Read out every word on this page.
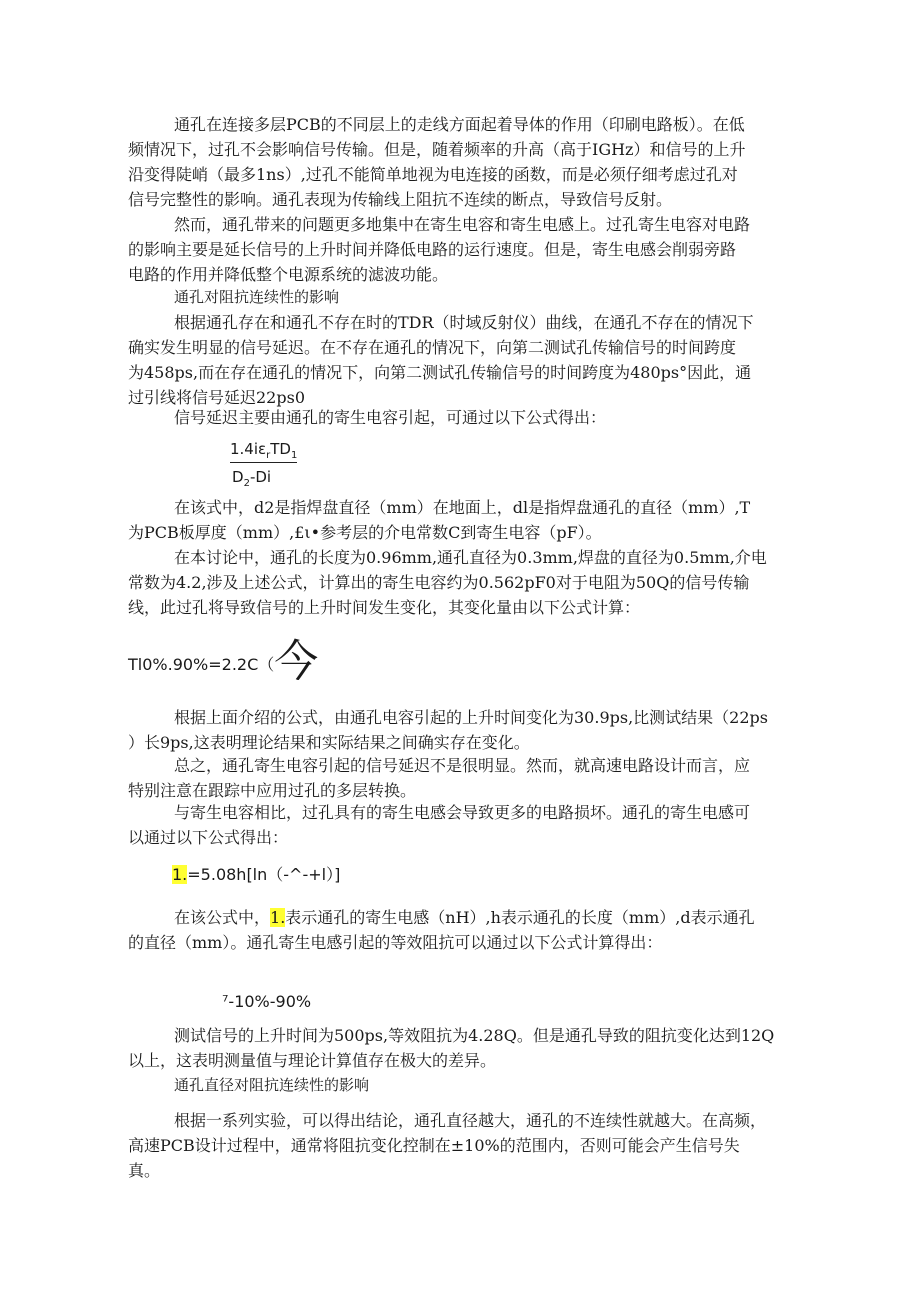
通孔在连接多层PCB的不同层上的走线方面起着导体的作用（印刷电路板）。在低
频情况下，过孔不会影响信号传输。但是，随着频率的升高（高于IGHz）和信号的上升
沿变得陡峭（最多1ns）,过孔不能简单地视为电连接的函数，而是必须仔细考虑过孔对
信号完整性的影响。通孔表现为传输线上阻抗不连续的断点，导致信号反射。
然而，通孔带来的问题更多地集中在寄生电容和寄生电感上。过孔寄生电容对电路
的影响主要是延长信号的上升时间并降低电路的运行速度。但是，寄生电感会削弱旁路
电路的作用并降低整个电源系统的滤波功能。
通孔对阻抗连续性的影响
根据通孔存在和通孔不存在时的TDR（时域反射仪）曲线，在通孔不存在的情况下
确实发生明显的信号延迟。在不存在通孔的情况下，向第二测试孔传输信号的时间跨度
为458ps,而在存在通孔的情况下，向第二测试孔传输信号的时间跨度为480ps°因此，通
过引线将信号延迟22ps0
信号延迟主要由通孔的寄生电容引起，可通过以下公式得出：
$1.4i\varepsilon_rTD_1$
$D_2-Di$
在该式中，d2是指焊盘直径（mm）在地面上，dl是指焊盘通孔的直径（mm）,T
为PCB板厚度（mm）,£ι•参考层的介电常数C到寄生电容（pF）。
在本讨论中，通孔的长度为0.96mm,通孔直径为0.3mm,焊盘的直径为0.5mm,介电
常数为4.2,涉及上述公式，计算出的寄生电容约为0.562pF0对于电阻为50Q的信号传输
线，此过孔将导致信号的上升时间发生变化，其变化量由以下公式计算：
Tl0%.90%=2.2C（今
根据上面介绍的公式，由通孔电容引起的上升时间变化为30.9ps,比测试结果（22ps
）长9ps,这表明理论结果和实际结果之间确实存在变化。
总之，通孔寄生电容引起的信号延迟不是很明显。然而，就高速电路设计而言，应
特别注意在跟踪中应用过孔的多层转换。
与寄生电容相比，过孔具有的寄生电感会导致更多的电路损坏。通孔的寄生电感可
以通过以下公式得出：
1.=5.08h[ln（-^-+l）]
在该公式中，1.表示通孔的寄生电感（nH）,h表示通孔的长度（mm）,d表示通孔
的直径（mm）。通孔寄生电感引起的等效阻抗可以通过以下公式计算得出：
⁷-10%-90%
测试信号的上升时间为500ps,等效阻抗为4.28Q。但是通孔导致的阻抗变化达到12Q
以上，这表明测量值与理论计算值存在极大的差异。
通孔直径对阻抗连续性的影响
根据一系列实验，可以得出结论，通孔直径越大，通孔的不连续性就越大。在高频，
高速PCB设计过程中，通常将阻抗变化控制在±10%的范围内，否则可能会产生信号失
真。
